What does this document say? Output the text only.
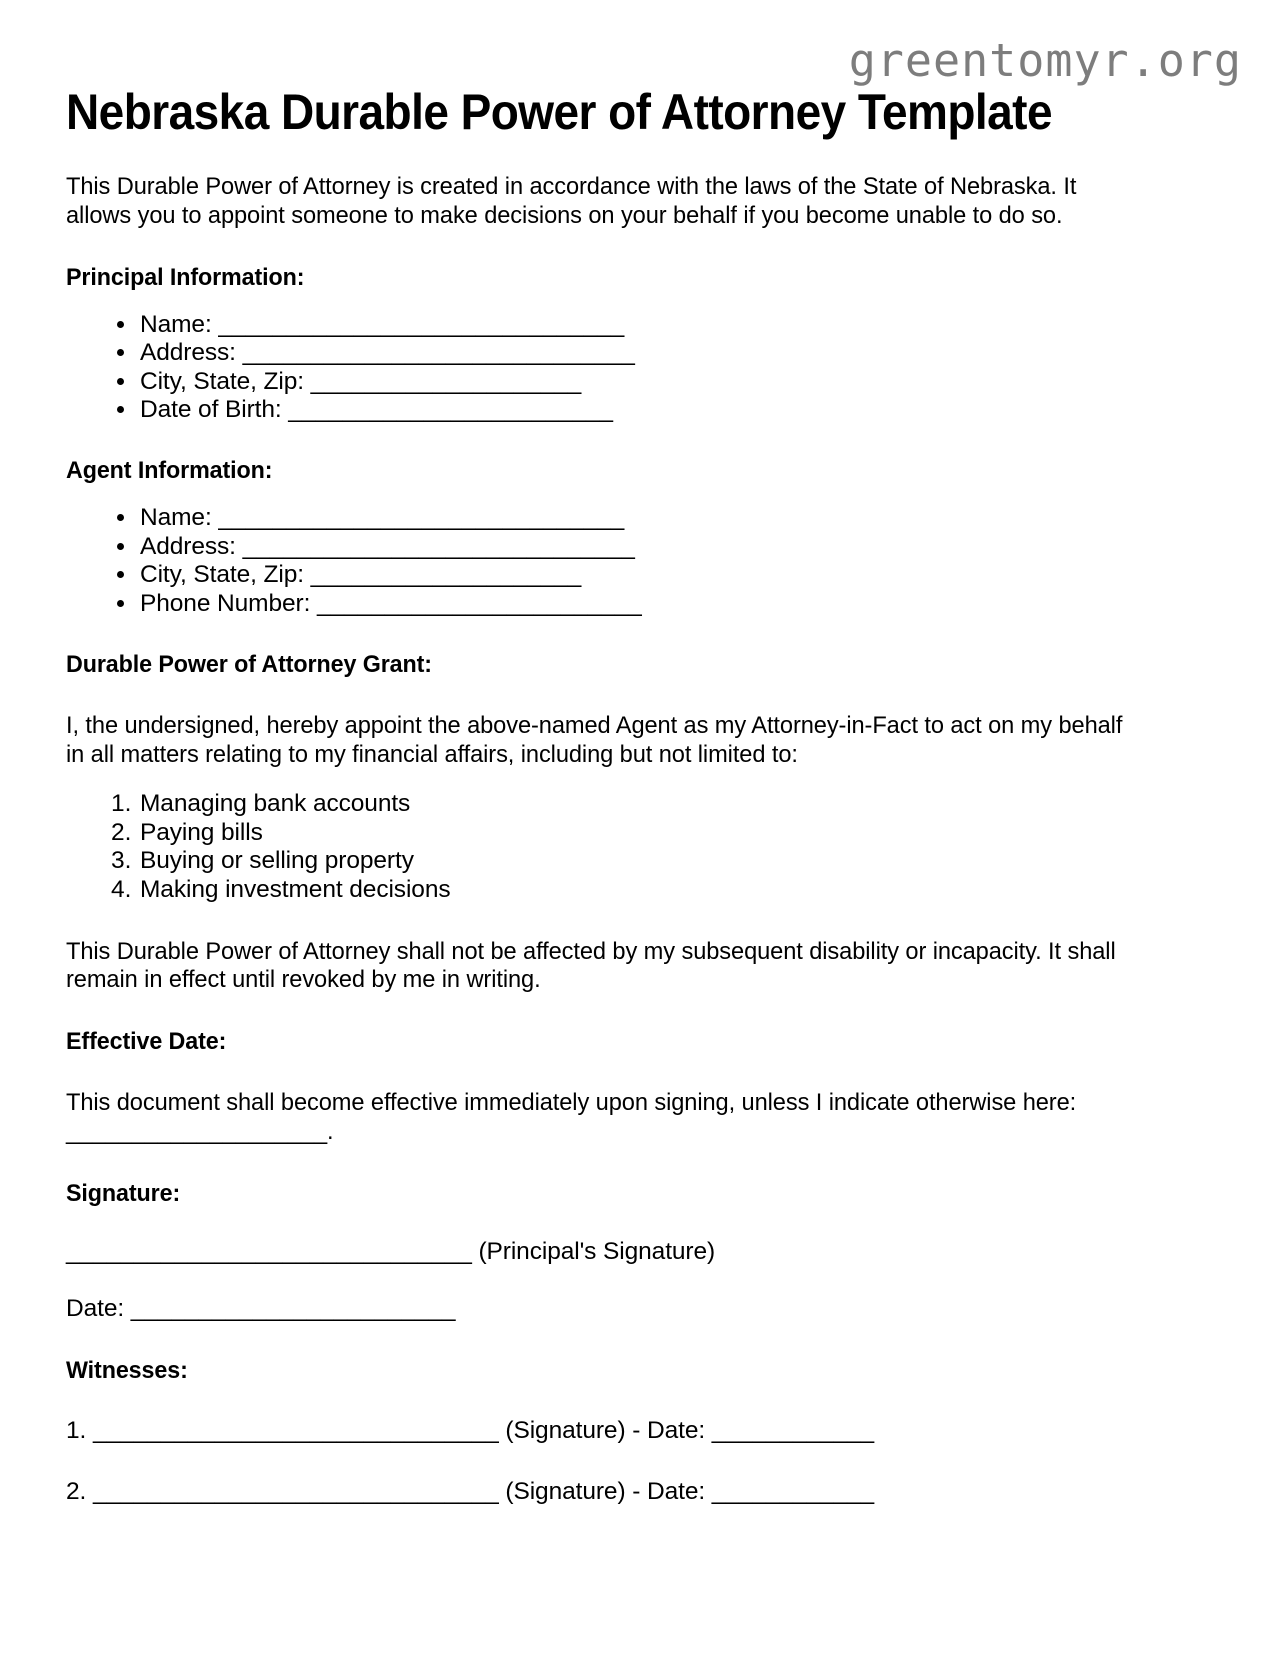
greentomyr.org
Nebraska Durable Power of Attorney Template

This Durable Power of Attorney is created in accordance with the laws of the State of Nebraska. It allows you to appoint someone to make decisions on your behalf if you become unable to do so.

Principal Information:
• Name: ______________________________
• Address: _____________________________
• City, State, Zip: ____________________
• Date of Birth: ________________________
Agent Information:
• Name: ______________________________
• Address: _____________________________
• City, State, Zip: ____________________
• Phone Number: ________________________
Durable Power of Attorney Grant:

I, the undersigned, hereby appoint the above-named Agent as my Attorney-in-Fact to act on my behalf in all matters relating to my financial affairs, including but not limited to:

1. Managing bank accounts
2. Paying bills
3. Buying or selling property
4. Making investment decisions

This Durable Power of Attorney shall not be affected by my subsequent disability or incapacity. It shall remain in effect until revoked by me in writing.

Effective Date:

This document shall become effective immediately upon signing, unless I indicate otherwise here: ____________________.

Signature:

______________________________ (Principal's Signature)

Date: ________________________

Witnesses:

1. ______________________________ (Signature) - Date: ____________

2. ______________________________ (Signature) - Date: ____________
